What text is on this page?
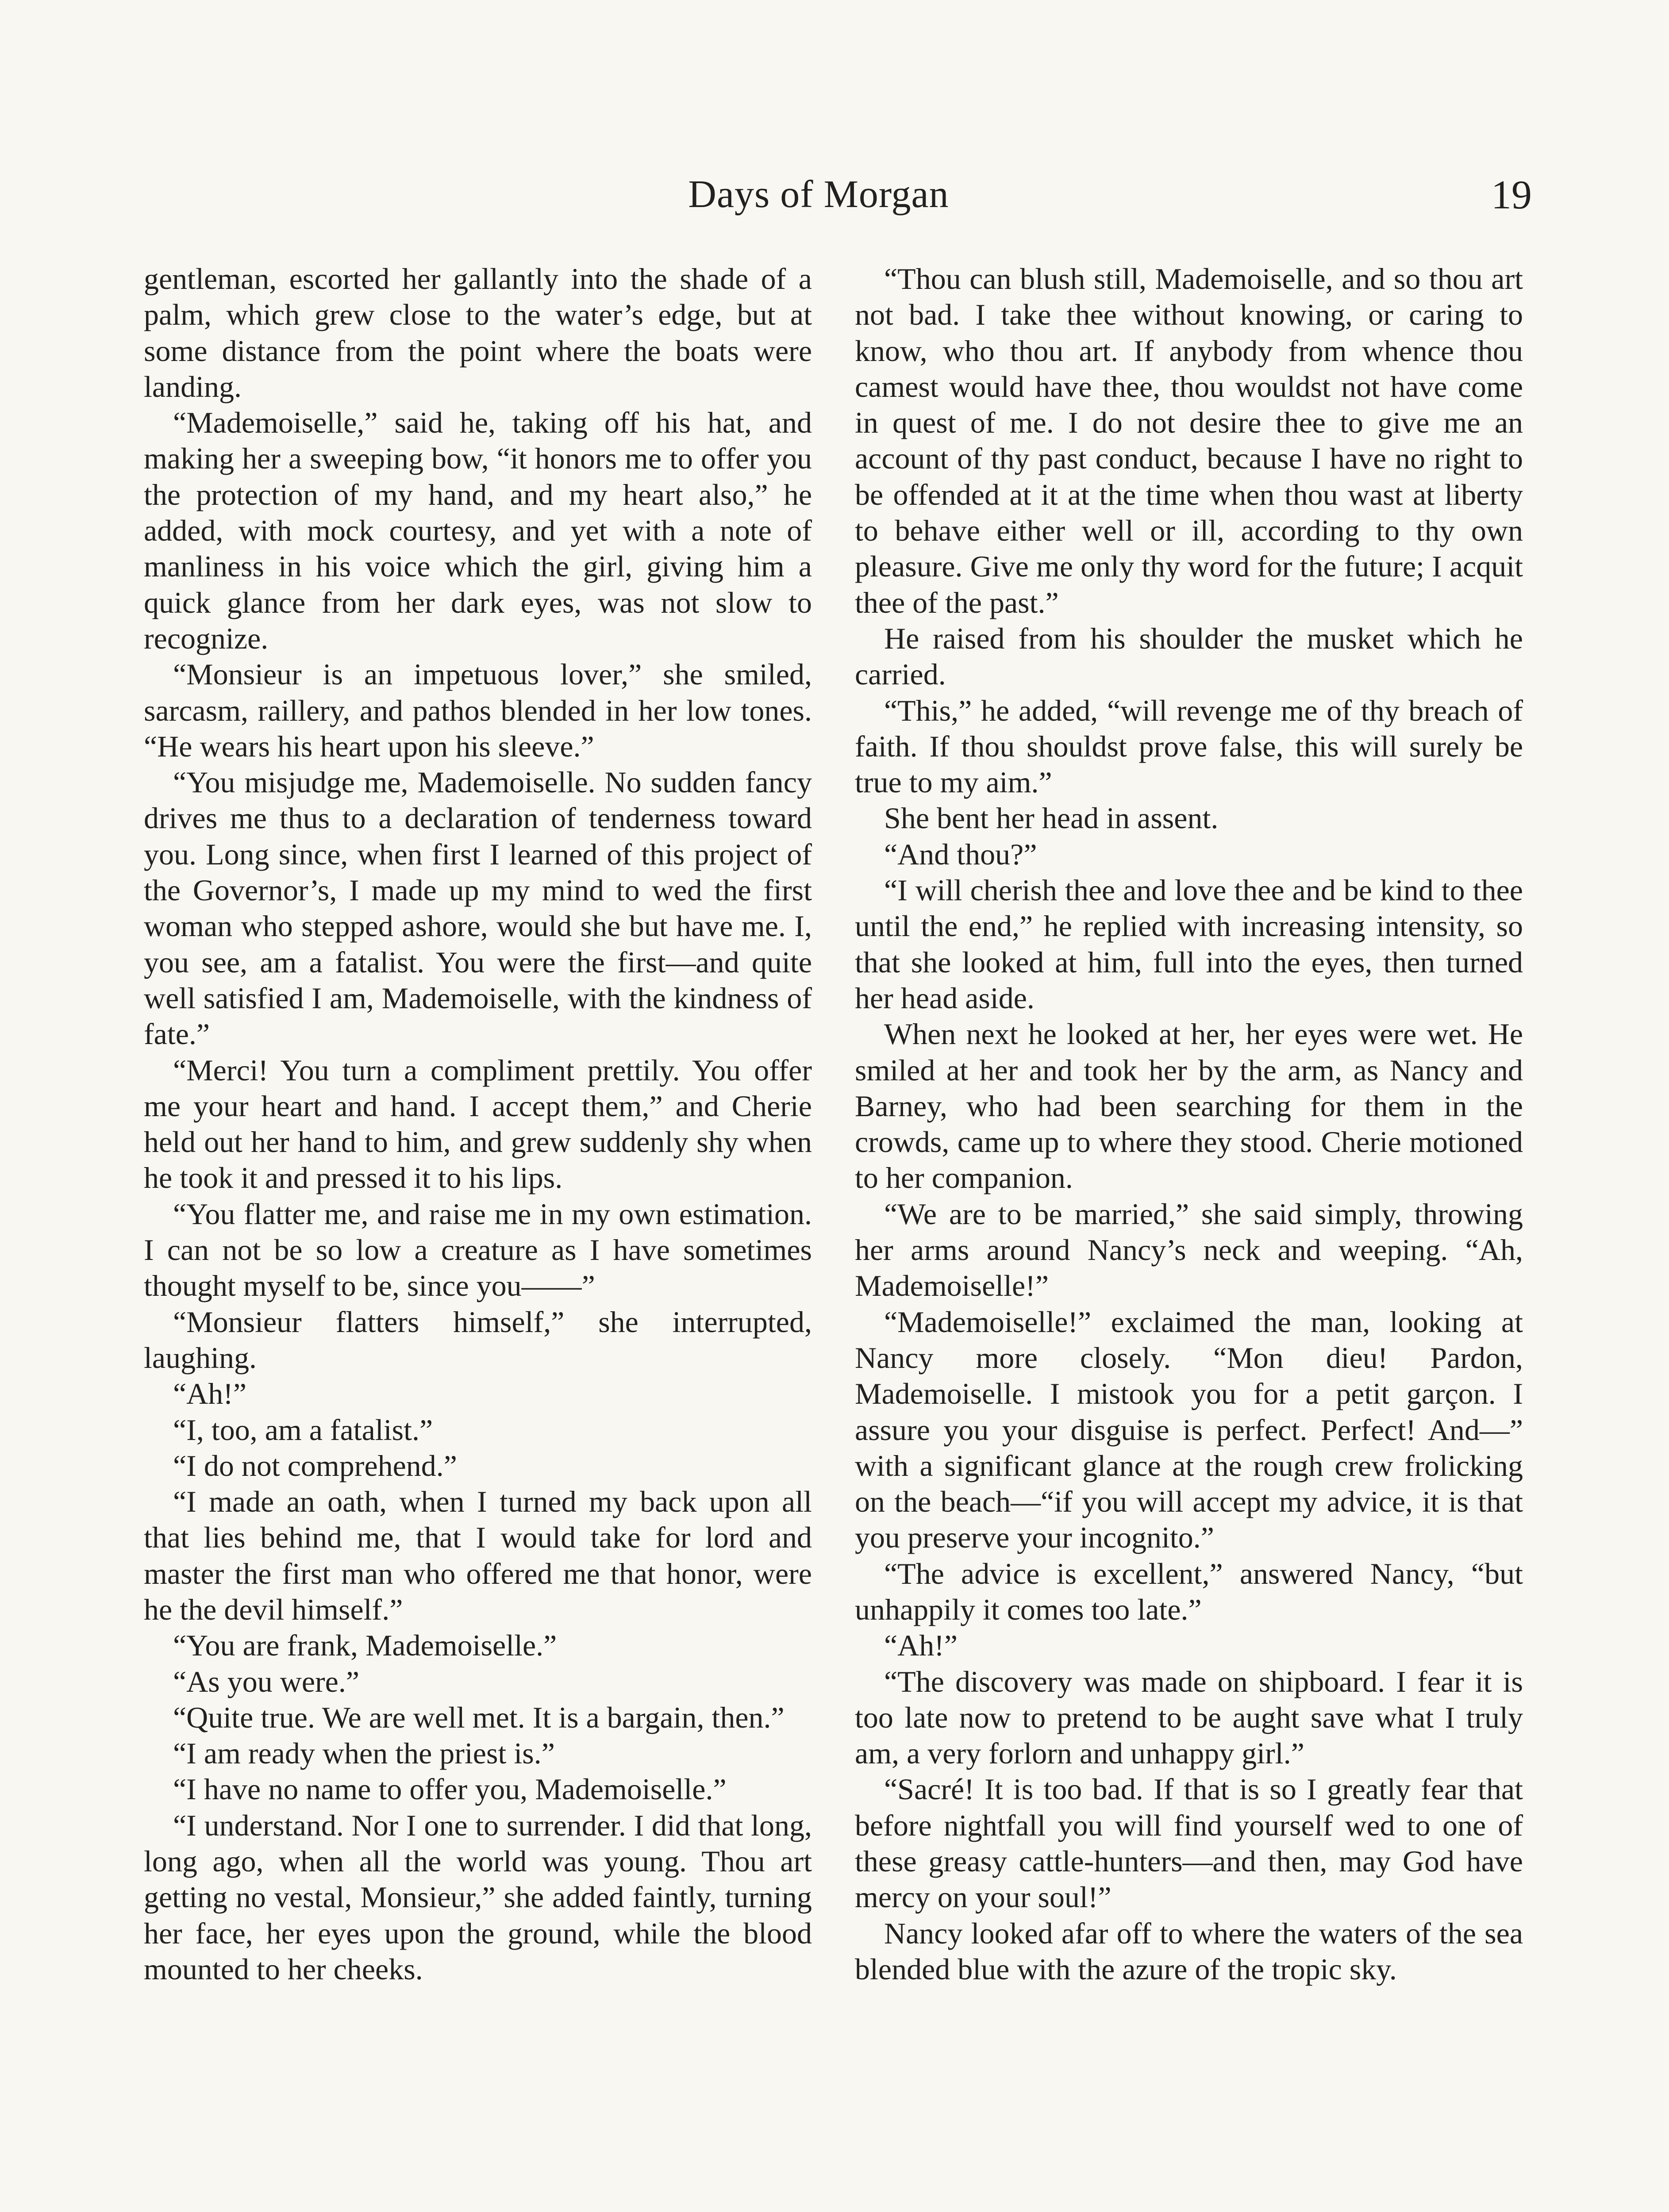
Days of Morgan	19

gentleman, escorted her gallantly into the shade of a palm, which grew close to the water’s edge, but at some distance from the point where the boats were landing.

“Mademoiselle,” said he, taking off his hat, and making her a sweeping bow, “it honors me to offer you the protection of my hand, and my heart also,” he added, with mock courtesy, and yet with a note of manliness in his voice which the girl, giving him a quick glance from her dark eyes, was not slow to recognize.

“Monsieur is an impetuous lover,” she smiled, sarcasm, raillery, and pathos blended in her low tones. “He wears his heart upon his sleeve.”

“You misjudge me, Mademoiselle. No sudden fancy drives me thus to a declaration of tenderness toward you. Long since, when first I learned of this project of the Governor’s, I made up my mind to wed the first woman who stepped ashore, would she but have me. I, you see, am a fatalist. You were the first—and quite well satisfied I am, Mademoiselle, with the kindness of fate.”

“Merci! You turn a compliment prettily. You offer me your heart and hand. I accept them,” and Cherie held out her hand to him, and grew suddenly shy when he took it and pressed it to his lips.

“You flatter me, and raise me in my own estimation. I can not be so low a creature as I have sometimes thought myself to be, since you——”

“Monsieur flatters himself,” she interrupted, laughing.

“Ah!”

“I, too, am a fatalist.”

“I do not comprehend.”

“I made an oath, when I turned my back upon all that lies behind me, that I would take for lord and master the first man who offered me that honor, were he the devil himself.”

“You are frank, Mademoiselle.”

“As you were.”

“Quite true. We are well met. It is a bargain, then.”

“I am ready when the priest is.”

“I have no name to offer you, Mademoiselle.”

“I understand. Nor I one to surrender. I did that long, long ago, when all the world was young. Thou art getting no vestal, Monsieur,” she added faintly, turning her face, her eyes upon the ground, while the blood mounted to her cheeks.

“Thou can blush still, Mademoiselle, and so thou art not bad. I take thee without knowing, or caring to know, who thou art. If anybody from whence thou camest would have thee, thou wouldst not have come in quest of me. I do not desire thee to give me an account of thy past conduct, because I have no right to be offended at it at the time when thou wast at liberty to behave either well or ill, according to thy own pleasure. Give me only thy word for the future; I acquit thee of the past.”

He raised from his shoulder the musket which he carried.

“This,” he added, “will revenge me of thy breach of faith. If thou shouldst prove false, this will surely be true to my aim.”

She bent her head in assent.

“And thou?”

“I will cherish thee and love thee and be kind to thee until the end,” he replied with increasing intensity, so that she looked at him, full into the eyes, then turned her head aside.

When next he looked at her, her eyes were wet. He smiled at her and took her by the arm, as Nancy and Barney, who had been searching for them in the crowds, came up to where they stood. Cherie motioned to her companion.

“We are to be married,” she said simply, throwing her arms around Nancy’s neck and weeping. “Ah, Mademoiselle!”

“Mademoiselle!” exclaimed the man, looking at Nancy more closely. “Mon dieu! Pardon, Mademoiselle. I mistook you for a petit garçon. I assure you your disguise is perfect. Perfect! And—” with a significant glance at the rough crew frolicking on the beach—“if you will accept my advice, it is that you preserve your incognito.”

“The advice is excellent,” answered Nancy, “but unhappily it comes too late.”

“Ah!”

“The discovery was made on shipboard. I fear it is too late now to pretend to be aught save what I truly am, a very forlorn and unhappy girl.”

“Sacré! It is too bad. If that is so I greatly fear that before nightfall you will find yourself wed to one of these greasy cattle-hunters—and then, may God have mercy on your soul!”

Nancy looked afar off to where the waters of the sea blended blue with the azure of the tropic sky.
